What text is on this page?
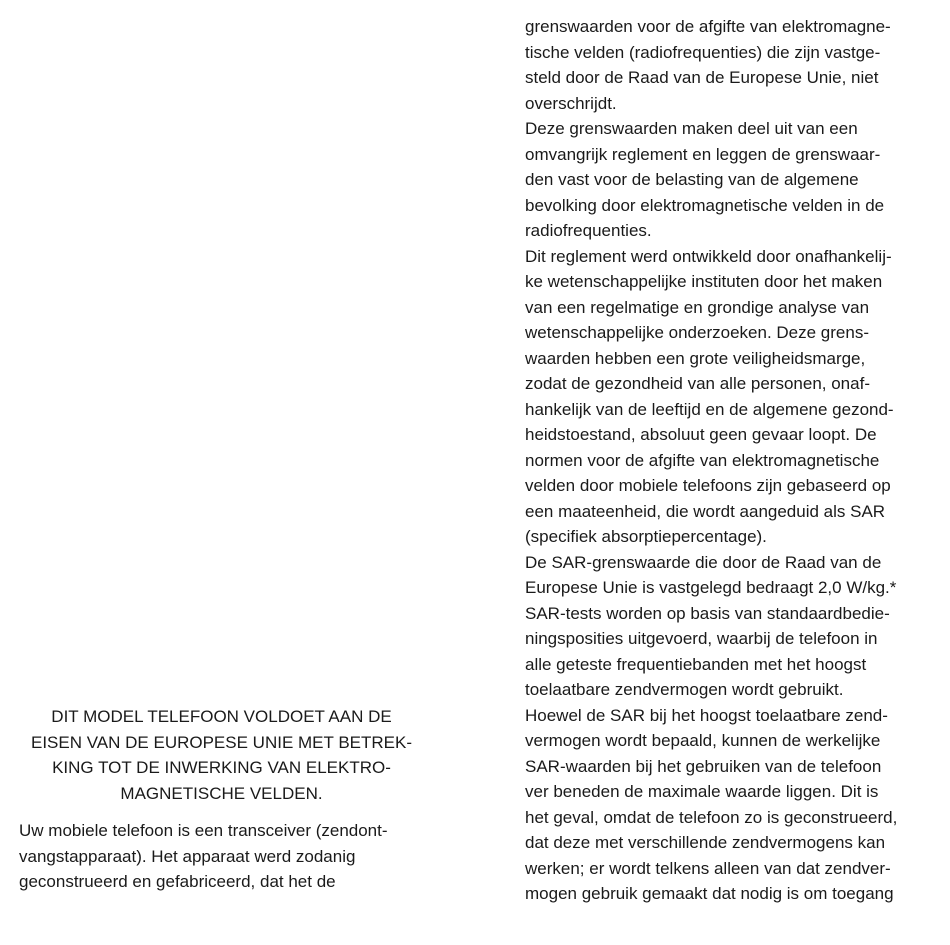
DIT MODEL TELEFOON VOLDOET AAN DE
EISEN VAN DE EUROPESE UNIE MET BETREK-
KING TOT DE INWERKING VAN ELEKTRO-
MAGNETISCHE VELDEN.
Uw mobiele telefoon is een transceiver (zendont-
vangstapparaat). Het apparaat werd zodanig
geconstrueerd en gefabriceerd, dat het de
grenswaarden voor de afgifte van elektromagne-
tische velden (radiofrequenties) die zijn vastge-
steld door de Raad van de Europese Unie, niet
overschrijdt.
Deze grenswaarden maken deel uit van een
omvangrijk reglement en leggen de grenswaar-
den vast voor de belasting van de algemene
bevolking door elektromagnetische velden in de
radiofrequenties.
Dit reglement werd ontwikkeld door onafhankelij-
ke wetenschappelijke instituten door het maken
van een regelmatige en grondige analyse van
wetenschappelijke onderzoeken. Deze grens-
waarden hebben een grote veiligheidsmarge,
zodat de gezondheid van alle personen, onaf-
hankelijk van de leeftijd en de algemene gezond-
heidstoestand, absoluut geen gevaar loopt. De
normen voor de afgifte van elektromagnetische
velden door mobiele telefoons zijn gebaseerd op
een maateenheid, die wordt aangeduid als SAR
(specifiek absorptiepercentage).
De SAR-grenswaarde die door de Raad van de
Europese Unie is vastgelegd bedraagt 2,0 W/kg.*
SAR-tests worden op basis van standaardbedie-
ningsposities uitgevoerd, waarbij de telefoon in
alle geteste frequentiebanden met het hoogst
toelaatbare zendvermogen wordt gebruikt.
Hoewel de SAR bij het hoogst toelaatbare zend-
vermogen wordt bepaald, kunnen de werkelijke
SAR-waarden bij het gebruiken van de telefoon
ver beneden de maximale waarde liggen. Dit is
het geval, omdat de telefoon zo is geconstrueerd,
dat deze met verschillende zendvermogens kan
werken; er wordt telkens alleen van dat zendver-
mogen gebruik gemaakt dat nodig is om toegang
